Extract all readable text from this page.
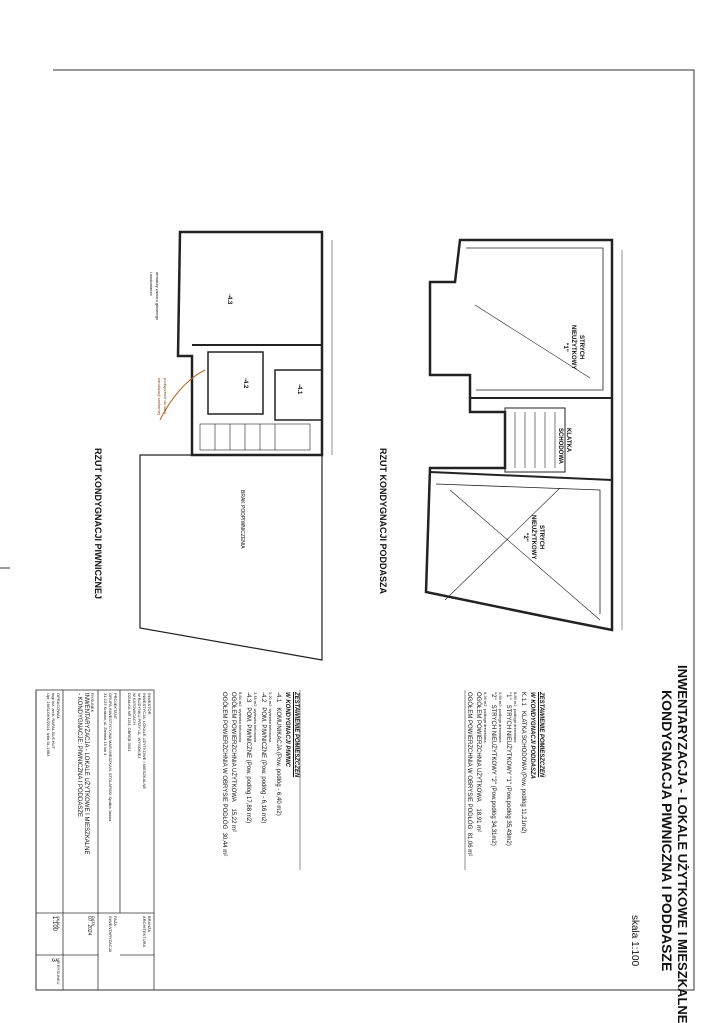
INWENTARYZACJA - LOKALE UŻYTKOWE I MIESZKALNE
KONDYGNACJA PIWNICZNA I PODDASZE
skala 1:100
RZUT KONDYGNACJI PODDASZA
STRYCH
NIEUŻYTKOWY
"1"
STRYCH
NIEUŻYTKOWY
"2"
KLATKA
SCHODOWA
RZUT KONDYGNACJI PIWNICZNEJ	BRAK PODPIWNICZENIA
-4.1
-4.2
-4.3
armatury zaworu głównego
i wodomierza
podłączenie do sieci
kanalizacji sanitarnej
ZESTAWIENIE POMIESZCZEŃ
W KONDYGNACJI PODDASZA
K.1.1   KLATKA SCHODOWA (Pow. podłóg 11,21m2)
8,85 m2  podłoga drewniana
"1"   STRYCH NIEUŻYTKOWY "1" (Pow.podłóg 35,43m2)
3,69 m2  podłoga drewniana
"2"   STRYCH NIEUŻYTKOWY "2" (Pow.podłóg 34,31m2)
6,36 m2  podłoga drewniana
OGÓŁEM POWIERZCHNIA UŻYTKOWA    18,91 m²
OGÓŁEM POWIERZCHNIA W OBRYSIE PODŁÓG  81,06 m²
ZESTAWIENIE POMIESZCZEŃ
W KONDYGNACJI PIWNIC
-4.1   KOMUNIKACJA (Pow. podłóg - 6,40 m2)
3,20 m2  wylewka betonowa
-4.2   POM. PIWNICZNE (Pow. podłóg - 6,16 m2)
3,18 m2  wylewka betonowa
-4.3   POM. PIWNICZNE (Pow. podłóg 17,88 m2)
8,84 m2  wylewka betonowa
OGÓŁEM POWIERZCHNIA UŻYTKOWA    15,22 m²
OGÓŁEM POWIERZCHNIA W OBRYSIE PODŁÓG  30,44 m²
INWESTOR
INWESTYCJA: LOKALE UŻYTKOWE I MIESZKALNE
W BUDYNKU PRZY UL. WYSOKIEJ
W KATOWICACH
DZIAŁKA NR 12/4, OBRĘB 0001
PROJEKTANT
GRUPA INWESTYCYJNA MAR-MIESZKAŃ. STOLARSKI Spółka Jawna
31-123 Kraków, ul. Zielona 10 lok 4
BRANŻA
ARCHITEKTURA
RYSUNEK
INWENTARYZACJA - LOKALE UŻYTKOWE I MIESZKALNE
- KONDYGNACJE: PIWNICZNA I PODDASZE
FAZA
INWENTARYZACJA
DATA
07. 2024
OPRACOWAŁ
mgr inż. arch. RAFAŁ BUCHUT
Upr. 16/SLOKK/2014, Izba SL-1983
SKALA
1:100
NR RYSUNKU
3
